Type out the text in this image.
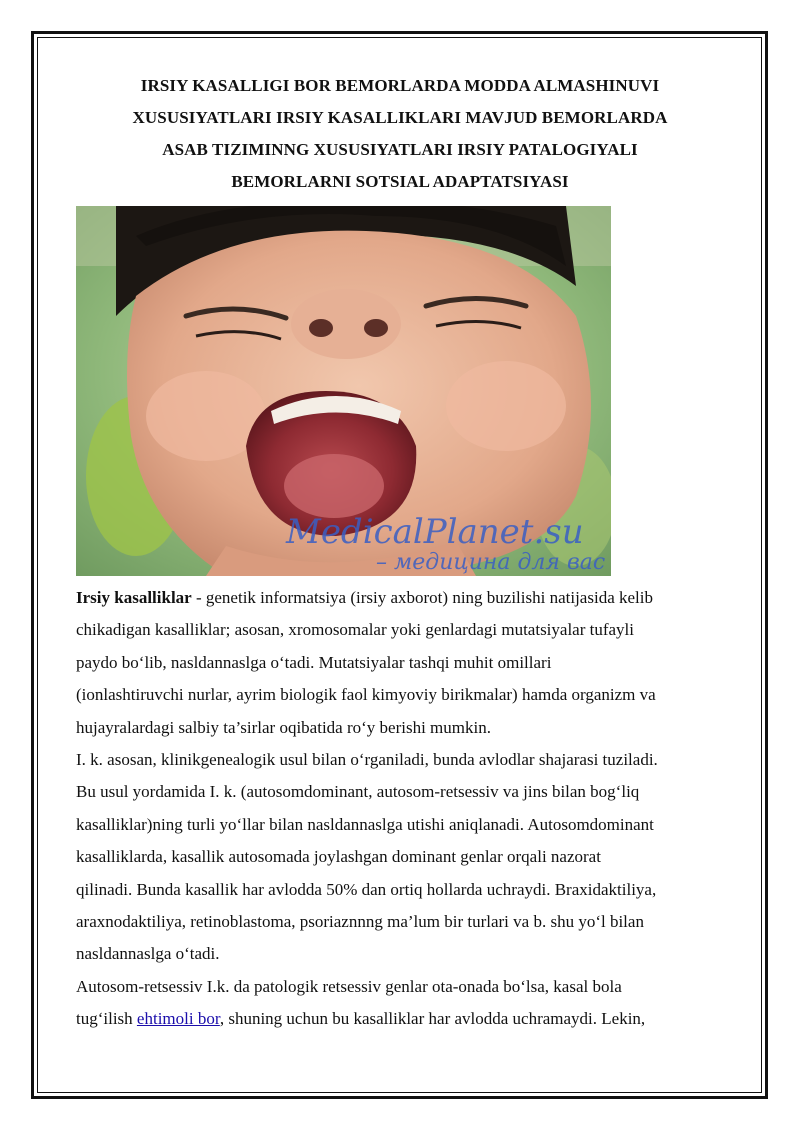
IRSIY KASALLIGI BOR BEMORLARDA MODDA ALMASHINUVI
XUSUSIYATLARI IRSIY KASALLIKLARI MAVJUD BEMORLARDA
ASAB TIZIMINNG XUSUSIYATLARI IRSIY PATALOGIYALI
BEMORLARNI SOTSIAL ADAPTATSIYASI
MedicalPlanet.su
– медицина для вас
Irsiy kasalliklar - genetik informatsiya (irsiy axborot) ning buzilishi natijasida kelib
chikadigan kasalliklar; asosan, xromosomalar yoki genlardagi mutatsiyalar tufayli
paydo bo‘lib, nasldannaslga o‘tadi. Mutatsiyalar tashqi muhit omillari
(ionlashtiruvchi nurlar, ayrim biologik faol kimyoviy birikmalar) hamda organizm va
hujayralardagi salbiy ta’sirlar oqibatida ro‘y berishi mumkin.
I. k. asosan, klinikgenealogik usul bilan o‘rganiladi, bunda avlodlar shajarasi tuziladi.
Bu usul yordamida I. k. (autosomdominant, autosom-retsessiv va jins bilan bog‘liq
kasalliklar)ning turli yo‘llar bilan nasldannaslga utishi aniqlanadi. Autosomdominant
kasalliklarda, kasallik autosomada joylashgan dominant genlar orqali nazorat
qilinadi. Bunda kasallik har avlodda 50% dan ortiq hollarda uchraydi. Braxidaktiliya,
araxnodaktiliya, retinoblastoma, psoriaznnng ma’lum bir turlari va b. shu yo‘l bilan
nasldannaslga o‘tadi.
Autosom-retsessiv I.k. da patologik retsessiv genlar ota-onada bo‘lsa, kasal bola
tug‘ilish ehtimoli bor, shuning uchun bu kasalliklar har avlodda uchramaydi. Lekin,
